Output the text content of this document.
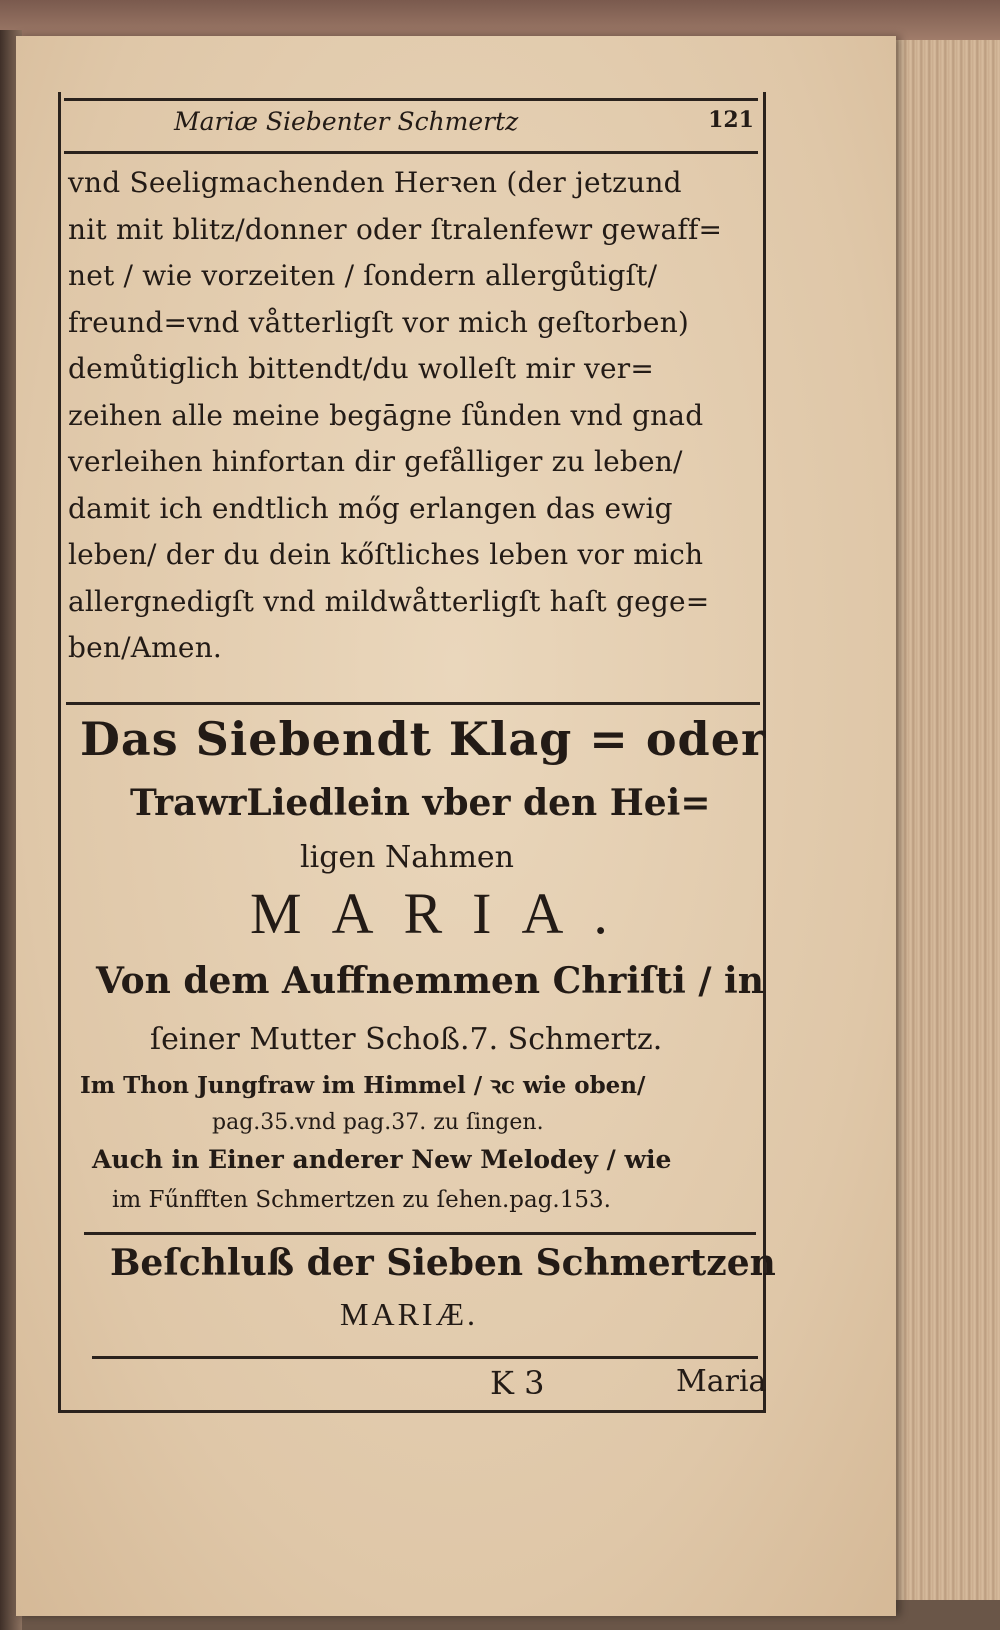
Mariæ Siebenter Schmertz	121
vnd Seeligmachenden Herꝛen (der jetzund
nit mit blitz/donner oder ſtralenfewr gewaff=
net / wie vorzeiten / ſondern allergůtigſt/
freund=vnd våtterligſt vor mich geſtorben)
demůtiglich bittendt/du wolleſt mir ver=
zeihen alle meine begāgne ſůnden vnd gnad
verleihen hinfortan dir gefålliger zu leben/
damit ich endtlich mőg erlangen das ewig
leben/ der du dein kőſtliches leben vor mich
allergnedigſt vnd mildwåtterligſt haſt gege=
ben/Amen.
Das Siebendt Klag = oder
TrawrLiedlein vber den Hei=
ligen Nahmen
MARIA.
Von dem Auffnemmen Chriſti / in
ſeiner Mutter Schoß.7. Schmertz.
Im Thon Jungfraw im Himmel / ꝛc wie oben/
pag.35.vnd pag.37. zu ſingen.
Auch in Einer anderer New Melodey / wie
im Fűnfften Schmertzen zu ſehen.pag.153.
Beſchluß der Sieben Schmertzen
MARIÆ.
K 3	Maria
